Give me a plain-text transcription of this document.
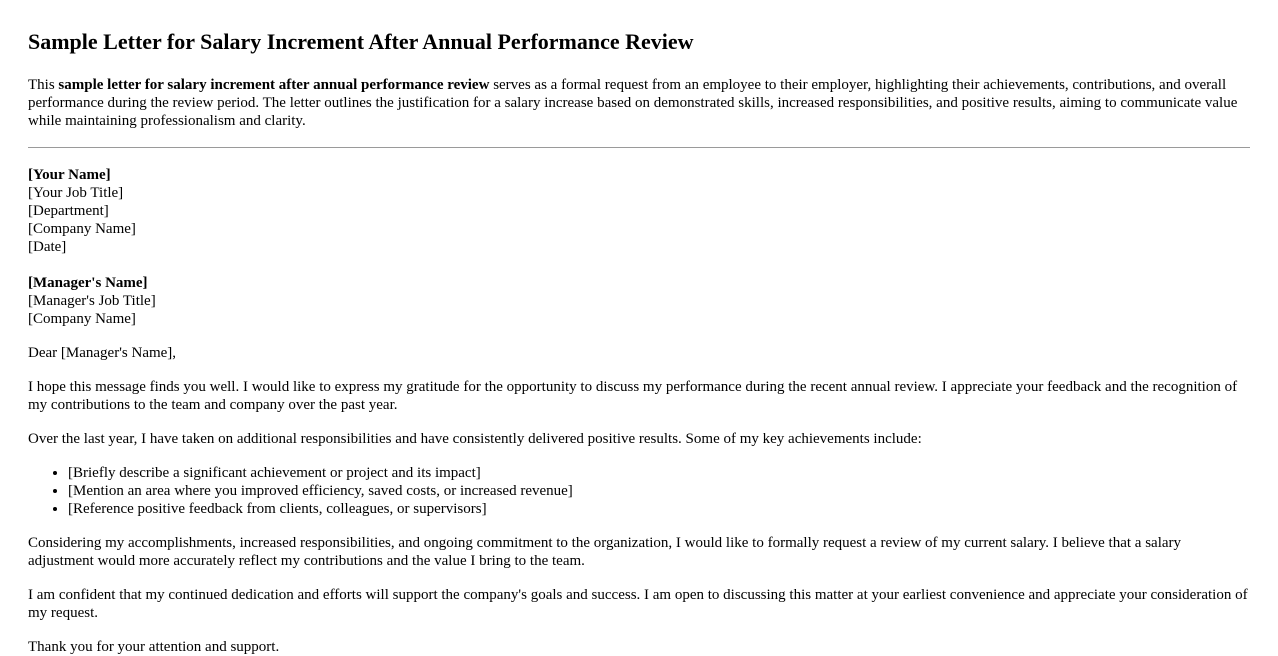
Sample Letter for Salary Increment After Annual Performance Review
This sample letter for salary increment after annual performance review serves as a formal request from an employee to their employer, highlighting their achievements, contributions, and overall performance during the review period. The letter outlines the justification for a salary increase based on demonstrated skills, increased responsibilities, and positive results, aiming to communicate value while maintaining professionalism and clarity.
[Your Name]
[Your Job Title]
[Department]
[Company Name]
[Date]
[Manager's Name]
[Manager's Job Title]
[Company Name]

Dear [Manager's Name],

I hope this message finds you well. I would like to express my gratitude for the opportunity to discuss my performance during the recent annual review. I appreciate your feedback and the recognition of my contributions to the team and company over the past year.

Over the last year, I have taken on additional responsibilities and have consistently delivered positive results. Some of my key achievements include:

• [Briefly describe a significant achievement or project and its impact]
• [Mention an area where you improved efficiency, saved costs, or increased revenue]
• [Reference positive feedback from clients, colleagues, or supervisors]

Considering my accomplishments, increased responsibilities, and ongoing commitment to the organization, I would like to formally request a review of my current salary. I believe that a salary adjustment would more accurately reflect my contributions and the value I bring to the team.

I am confident that my continued dedication and efforts will support the company's goals and success. I am open to discussing this matter at your earliest convenience and appreciate your consideration of my request.

Thank you for your attention and support.
